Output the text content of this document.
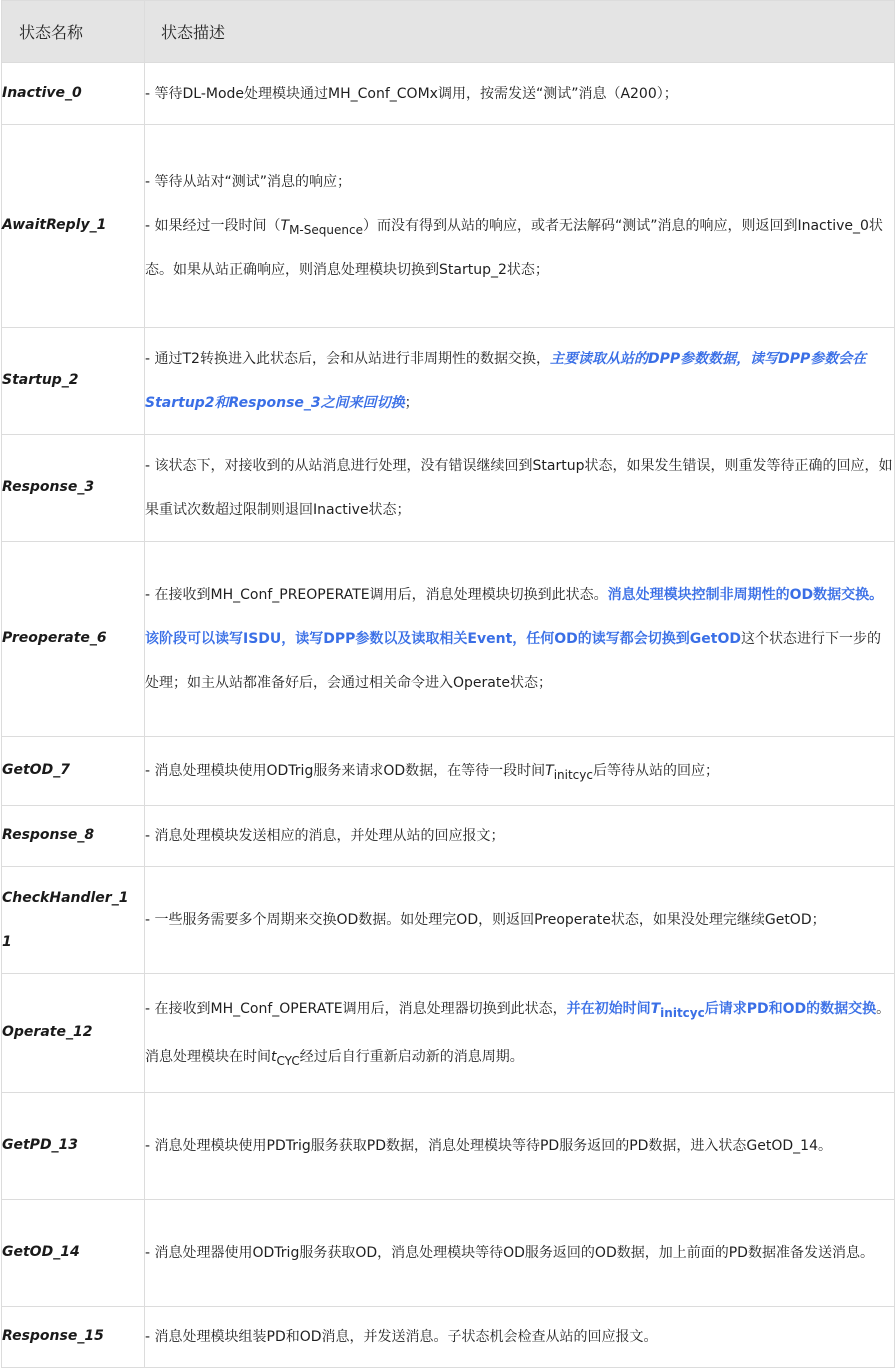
状态名称	状态描述
Inactive_0	- 等待DL-Mode处理模块通过MH_Conf_COMx调用，按需发送“测试”消息（A200）；
AwaitReply_1	- 等待从站对“测试”消息的响应；
- 如果经过一段时间$(T_{M-Sequence})$而没有得到从站的响应，或者无法解码“测试”消息的响应，则返回到Inactive_0状态。如果从站正确响应，则消息处理模块切换到Startup_2状态；

Startup_2	- 通过T2转换进入此状态后，会和从站进行非周期性的数据交换，主要读取从站的DPP参数数据，读写DPP参数会在Startup2和Response_3之间来回切换；
Response_3	- 该状态下，对接收到的从站消息进行处理，没有错误继续回到Startup状态，如果发生错误，则重发等待正确的回应，如果重试次数超过限制则退回Inactive状态；
Preoperate_6	- 在接收到MH_Conf_PREOPERATE调用后，消息处理模块切换到此状态。消息处理模块控制非周期性的OD数据交换。该阶段可以读写ISDU，读写DPP参数以及读取相关Event，任何OD的读写都会切换到GetOD这个状态进行下一步的处理；如主从站都准备好后，会通过相关命令进入Operate状态；
GetOD_7	- 消息处理模块使用ODTrig服务来请求OD数据，在等待一段时间$T_{initcyc}$后等待从站的回应；
Response_8	- 消息处理模块发送相应的消息，并处理从站的回应报文；
CheckHandler_11	- 一些服务需要多个周期来交换OD数据。如处理完OD，则返回Preoperate状态，如果没处理完继续GetOD；
Operate_12	- 在接收到MH_Conf_OPERATE调用后，消息处理器切换到此状态，并在初始时间$T_{initcyc}$后请求PD和OD的数据交换。消息处理模块在时间$t_{CYC}$经过后自行重新启动新的消息周期。
GetPD_13	- 消息处理模块使用PDTrig服务获取PD数据，消息处理模块等待PD服务返回的PD数据，进入状态GetOD_14。
GetOD_14	- 消息处理器使用ODTrig服务获取OD，消息处理模块等待OD服务返回的OD数据，加上前面的PD数据准备发送消息。
Response_15	- 消息处理模块组装PD和OD消息，并发送消息。子状态机会检查从站的回应报文。
